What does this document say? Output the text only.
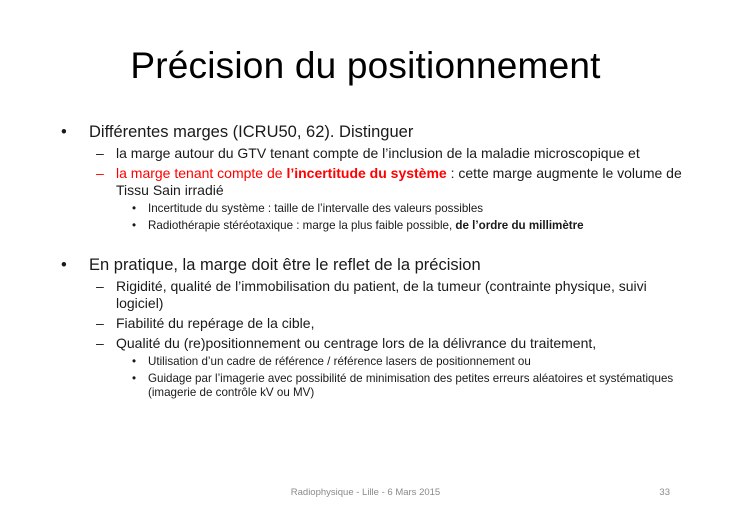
Précision du positionnement
• Différentes marges (ICRU50, 62). Distinguer
– la marge autour du GTV tenant compte de l’inclusion de la maladie microscopique et
– la marge tenant compte de l’incertitude du système : cette marge augmente le volume de Tissu Sain irradié
• Incertitude du système : taille de l’intervalle des valeurs possibles
• Radiothérapie stéréotaxique : marge la plus faible possible, de l’ordre du millimètre
• En pratique, la marge doit être le reflet de la précision
– Rigidité, qualité de l’immobilisation du patient, de la tumeur (contrainte physique, suivi logiciel)
– Fiabilité du repérage de la cible,
– Qualité du (re)positionnement ou centrage lors de la délivrance du traitement,
• Utilisation d’un cadre de référence / référence lasers de positionnement ou
• Guidage par l’imagerie avec possibilité de minimisation des petites erreurs aléatoires et systématiques (imagerie de contrôle kV ou MV)
Radiophysique - Lille - 6 Mars 2015	33
